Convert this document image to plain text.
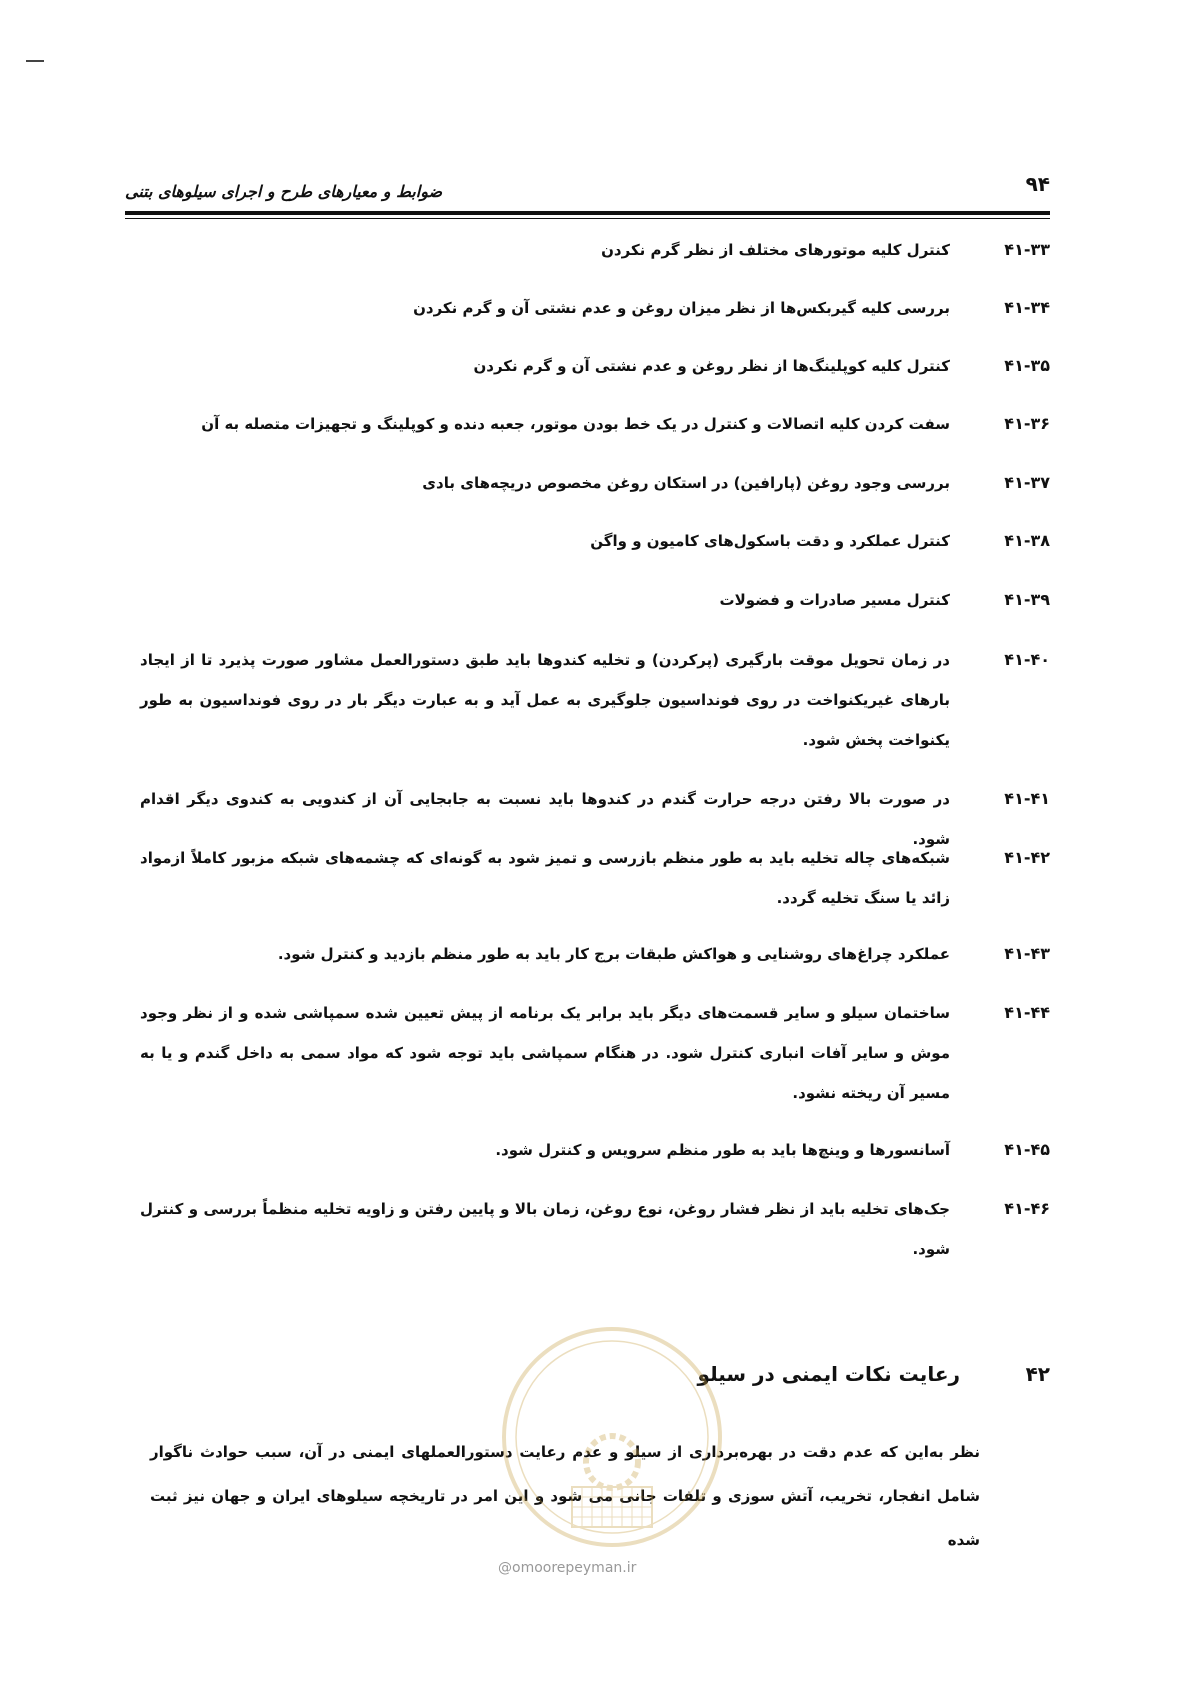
۹۴
ضوابط و معیارهای طرح و اجرای سیلوهای بتنی
۴۱-۳۳
کنترل کلیه موتورهای مختلف از نظر گرم نکردن
۴۱-۳۴
بررسی کلیه گیربکس‌ها از نظر میزان روغن و عدم نشتی آن و گرم نکردن
۴۱-۳۵
کنترل کلیه کوپلینگ‌ها از نظر روغن و عدم نشتی آن و گرم نکردن
۴۱-۳۶
سفت کردن کلیه اتصالات و کنترل در یک خط بودن موتور، جعبه دنده و کوپلینگ و تجهیزات متصله به آن
۴۱-۳۷
بررسی وجود روغن (پارافین) در استکان روغن مخصوص دریچه‌های بادی
۴۱-۳۸
کنترل عملکرد و دقت باسکول‌های کامیون و واگن
۴۱-۳۹
کنترل مسیر صادرات و فضولات
۴۱-۴۰
در زمان تحویل موقت بارگیری (پرکردن) و تخلیه کندوها باید طبق دستورالعمل مشاور صورت پذیرد تا از ایجاد بارهای غیریکنواخت در روی فونداسیون جلوگیری به عمل آید و به عبارت دیگر بار در روی فونداسیون به طور یکنواخت پخش شود.
۴۱-۴۱
در صورت بالا رفتن درجه حرارت گندم در کندوها باید نسبت به جابجایی آن از کندویی به کندوی دیگر اقدام شود.
۴۱-۴۲
شبکه‌های چاله تخلیه باید به طور منظم بازرسی و تمیز شود به گونه‌ای که چشمه‌های شبکه مزبور کاملاً ازمواد زائد یا سنگ تخلیه گردد.
۴۱-۴۳
عملکرد چراغ‌های روشنایی و هواکش طبقات برج کار باید به طور منظم بازدید و کنترل شود.
۴۱-۴۴
ساختمان سیلو و سایر قسمت‌های دیگر باید برابر یک برنامه از پیش تعیین شده سمپاشی شده و از نظر وجود موش و سایر آفات انباری کنترل شود. در هنگام سمپاشی باید توجه شود که مواد سمی به داخل گندم و یا به مسیر آن ریخته نشود.
۴۱-۴۵
آسانسورها و وینچ‌ها باید به طور منظم سرویس و کنترل شود.
۴۱-۴۶
جک‌های تخلیه باید از نظر فشار روغن، نوع روغن، زمان بالا و پایین رفتن و زاویه تخلیه منظماً بررسی و کنترل شود.
۴۲
رعایت نکات ایمنی در سیلو
نظر به‌این که عدم دقت در بهره‌برداری از سیلو و عدم رعایت دستورالعملهای ایمنی در آن، سبب حوادث ناگوار شامل انفجار، تخریب، آتش سوزی و تلفات جانی می شود و این امر در تاریخچه سیلوهای ایران و جهان نیز ثبت شده
@omoorepeyman.ir
